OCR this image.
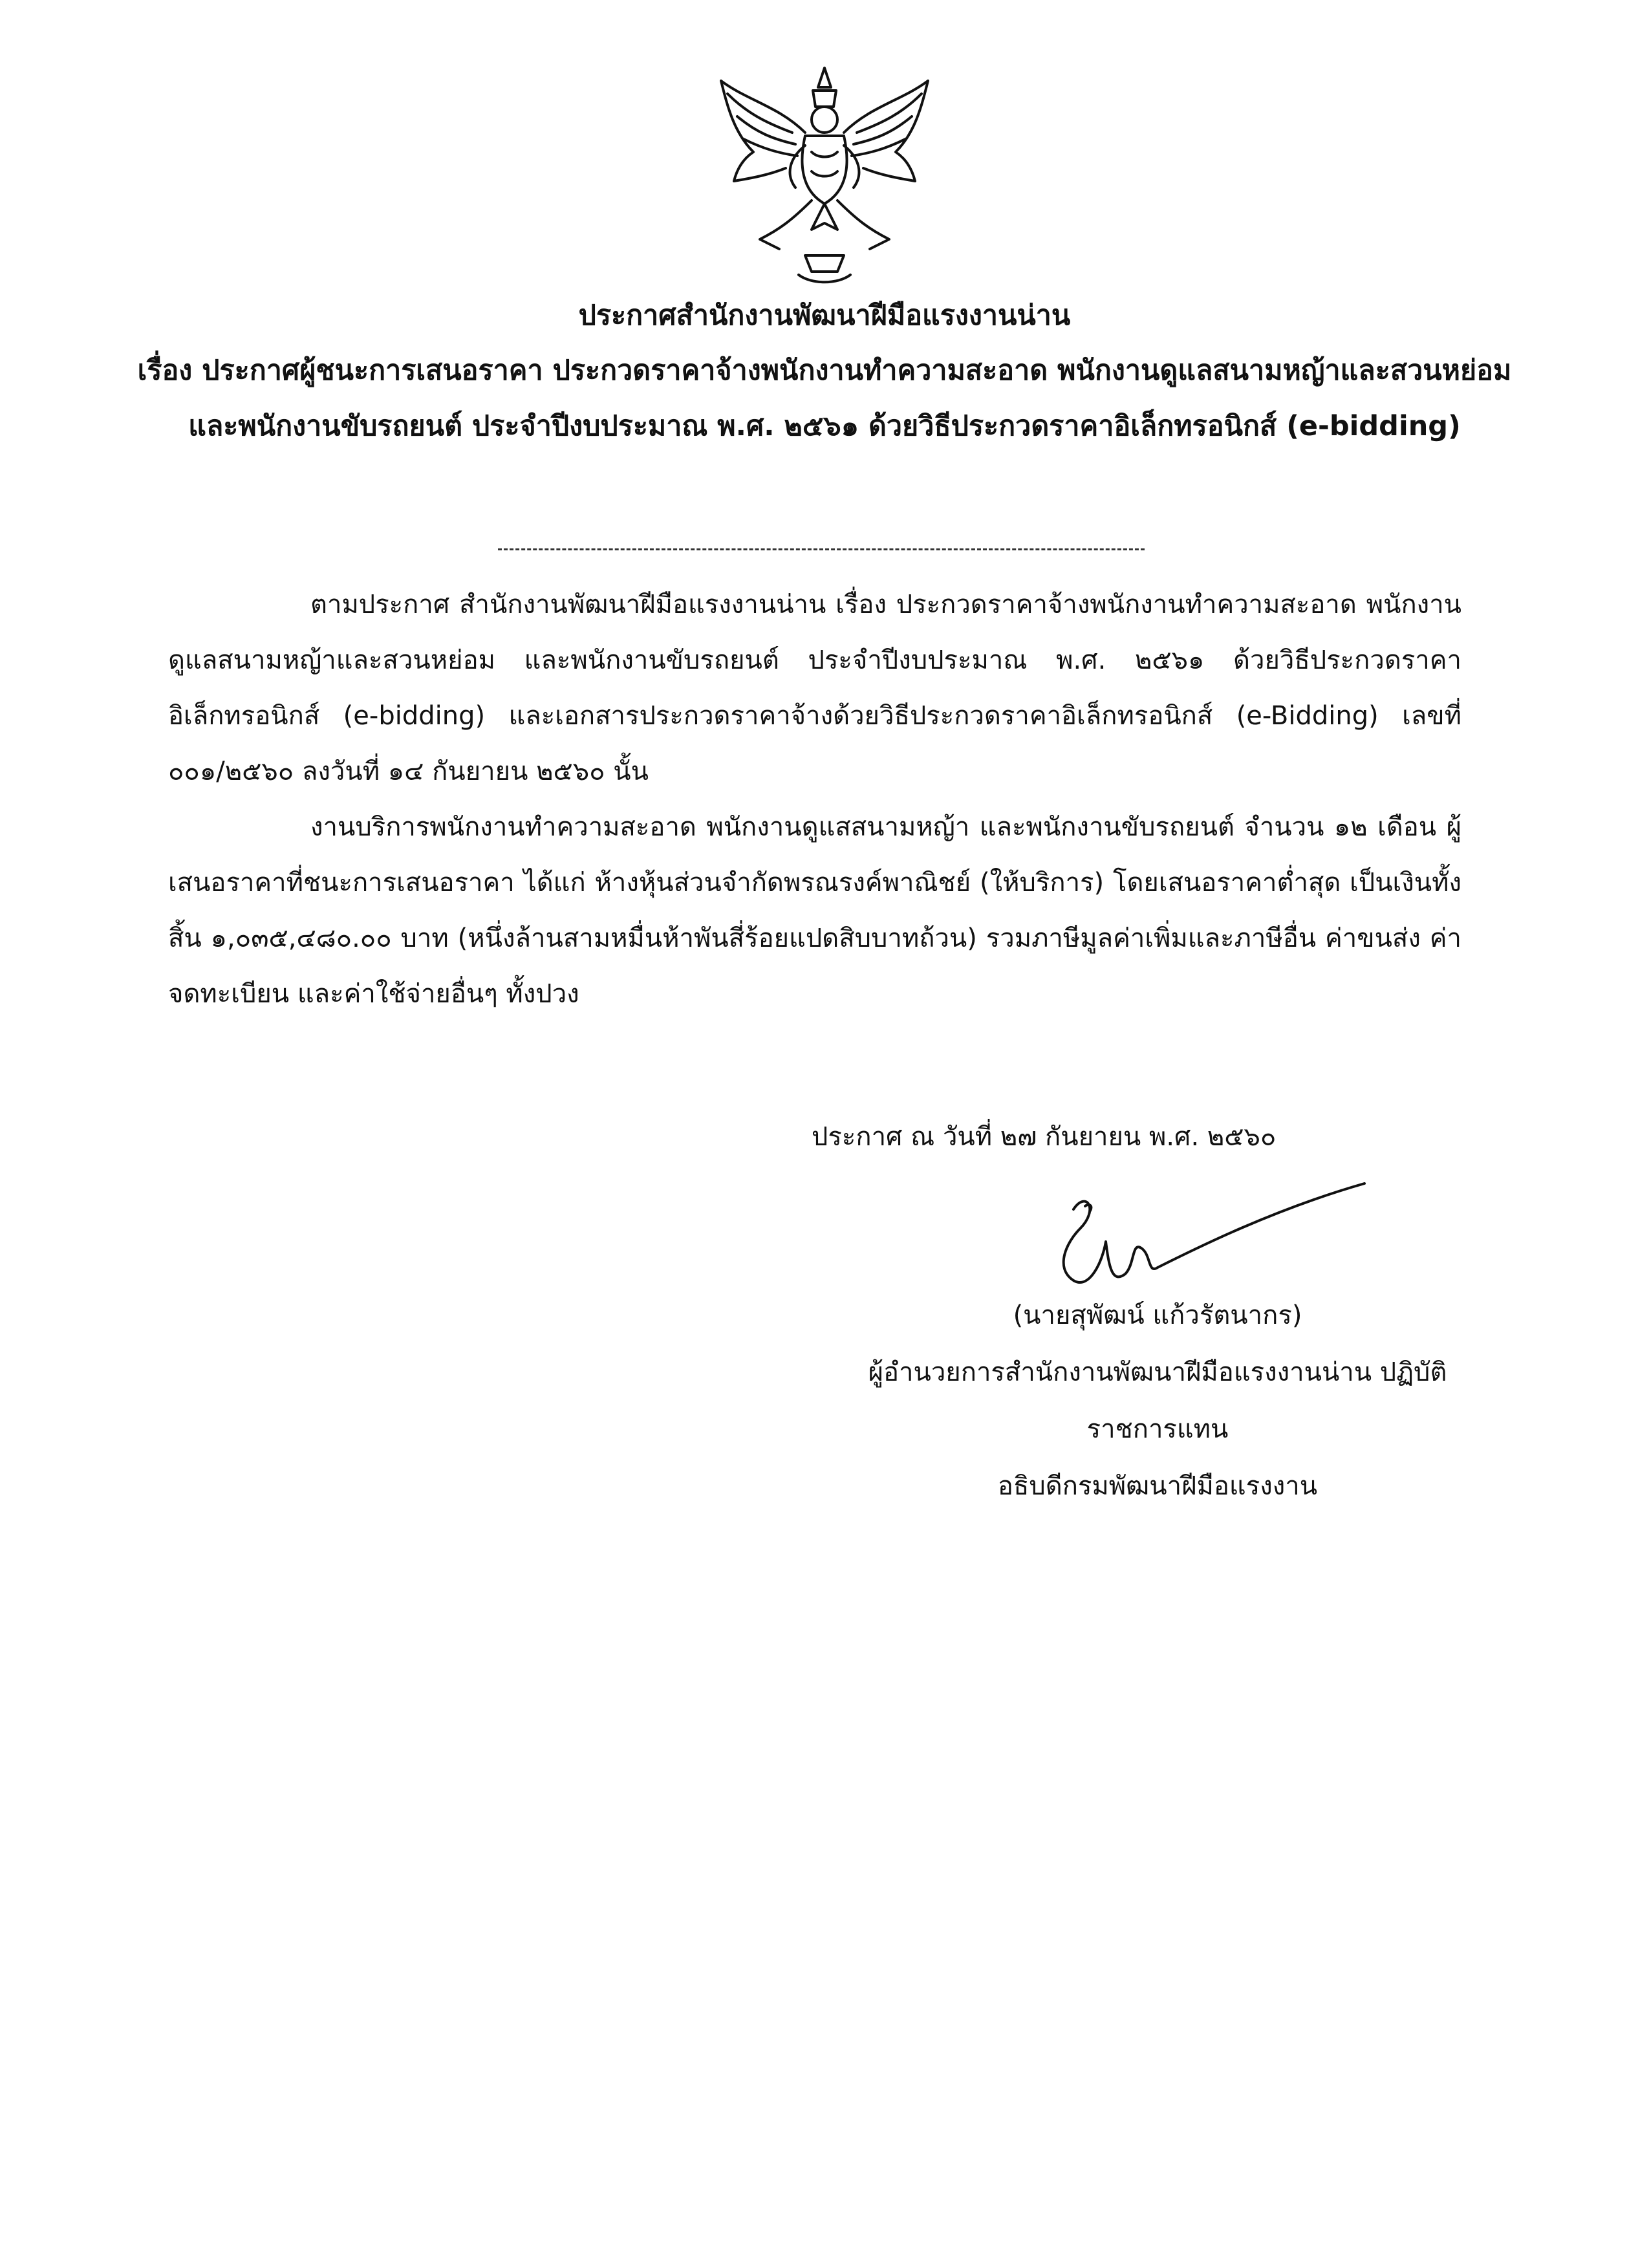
ประกาศสำนักงานพัฒนาฝีมือแรงงานน่าน
เรื่อง ประกาศผู้ชนะการเสนอราคา ประกวดราคาจ้างพนักงานทำความสะอาด พนักงานดูแลสนามหญ้าและสวนหย่อม และพนักงานขับรถยนต์ ประจำปีงบประมาณ พ.ศ. ๒๕๖๑ ด้วยวิธีประกวดราคาอิเล็กทรอนิกส์ (e-bidding)

ตามประกาศ สำนักงานพัฒนาฝีมือแรงงานน่าน เรื่อง ประกวดราคาจ้างพนักงานทำความสะอาด พนักงานดูแลสนามหญ้าและสวนหย่อม และพนักงานขับรถยนต์ ประจำปีงบประมาณ พ.ศ. ๒๕๖๑ ด้วยวิธีประกวดราคาอิเล็กทรอนิกส์ (e-bidding) และเอกสารประกวดราคาจ้างด้วยวิธีประกวดราคาอิเล็กทรอนิกส์ (e-Bidding) เลขที่ ๐๐๑/๒๕๖๐ ลงวันที่ ๑๔ กันยายน ๒๕๖๐ นั้น

งานบริการพนักงานทำความสะอาด พนักงานดูแสสนามหญ้า และพนักงานขับรถยนต์ จำนวน ๑๒ เดือน ผู้เสนอราคาที่ชนะการเสนอราคา ได้แก่ ห้างหุ้นส่วนจำกัดพรณรงค์พาณิชย์ (ให้บริการ) โดยเสนอราคาต่ำสุด เป็นเงินทั้งสิ้น ๑,๐๓๕,๔๘๐.๐๐ บาท (หนึ่งล้านสามหมื่นห้าพันสี่ร้อยแปดสิบบาทถ้วน) รวมภาษีมูลค่าเพิ่มและภาษีอื่น ค่าขนส่ง ค่าจดทะเบียน และค่าใช้จ่ายอื่นๆ ทั้งปวง

ประกาศ ณ วันที่ ๒๗ กันยายน พ.ศ. ๒๕๖๐
(นายสุพัฒน์ แก้วรัตนากร)
ผู้อำนวยการสำนักงานพัฒนาฝีมือแรงงานน่าน ปฏิบัติ
ราชการแทน
อธิบดีกรมพัฒนาฝีมือแรงงาน
